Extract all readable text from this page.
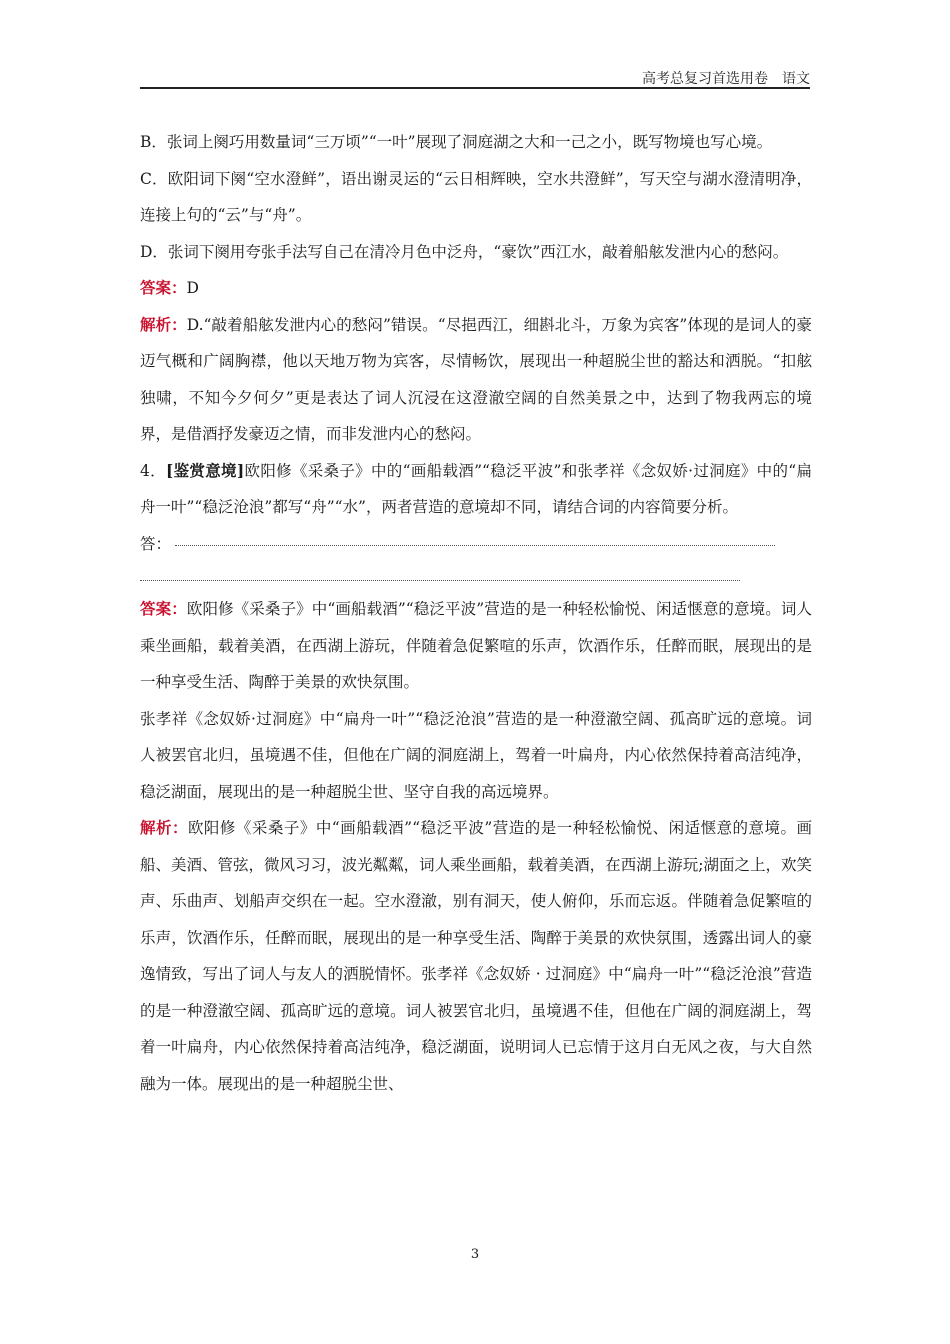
高考总复习首选用卷　语文

B．张词上阕巧用数量词“三万顷”“一叶”展现了洞庭湖之大和一己之小，既写物境也写心境。

C．欧阳词下阕“空水澄鲜”，语出谢灵运的“云日相辉映，空水共澄鲜”，写天空与湖水澄清明净，连接上句的“云”与“舟”。

D．张词下阕用夸张手法写自己在清冷月色中泛舟，“豪饮”西江水，敲着船舷发泄内心的愁闷。

答案：D

解析：D.“敲着船舷发泄内心的愁闷”错误。“尽挹西江，细斟北斗，万象为宾客”体现的是词人的豪迈气概和广阔胸襟，他以天地万物为宾客，尽情畅饮，展现出一种超脱尘世的豁达和洒脱。“扣舷独啸，不知今夕何夕”更是表达了词人沉浸在这澄澈空阔的自然美景之中，达到了物我两忘的境界，是借酒抒发豪迈之情，而非发泄内心的愁闷。

4．[鉴赏意境]欧阳修《采桑子》中的“画船载酒”“稳泛平波”和张孝祥《念奴娇·过洞庭》中的“扁舟一叶”“稳泛沧浪”都写“舟”“水”，两者营造的意境却不同，请结合词的内容简要分析。

答：

答案：欧阳修《采桑子》中“画船载酒”“稳泛平波”营造的是一种轻松愉悦、闲适惬意的意境。词人乘坐画船，载着美酒，在西湖上游玩，伴随着急促繁喧的乐声，饮酒作乐，任醉而眠，展现出的是一种享受生活、陶醉于美景的欢快氛围。

张孝祥《念奴娇·过洞庭》中“扁舟一叶”“稳泛沧浪”营造的是一种澄澈空阔、孤高旷远的意境。词人被罢官北归，虽境遇不佳，但他在广阔的洞庭湖上，驾着一叶扁舟，内心依然保持着高洁纯净，稳泛湖面，展现出的是一种超脱尘世、坚守自我的高远境界。

解析：欧阳修《采桑子》中“画船载酒”“稳泛平波”营造的是一种轻松愉悦、闲适惬意的意境。画船、美酒、管弦，微风习习，波光粼粼，词人乘坐画船，载着美酒，在西湖上游玩;湖面之上，欢笑声、乐曲声、划船声交织在一起。空水澄澈，别有洞天，使人俯仰，乐而忘返。伴随着急促繁喧的乐声，饮酒作乐，任醉而眠，展现出的是一种享受生活、陶醉于美景的欢快氛围，透露出词人的豪逸情致，写出了词人与友人的洒脱情怀。张孝祥《念奴娇 · 过洞庭》中“扁舟一叶”“稳泛沧浪”营造的是一种澄澈空阔、孤高旷远的意境。词人被罢官北归，虽境遇不佳，但他在广阔的洞庭湖上，驾着一叶扁舟，内心依然保持着高洁纯净，稳泛湖面，说明词人已忘情于这月白无风之夜，与大自然融为一体。展现出的是一种超脱尘世、

3
